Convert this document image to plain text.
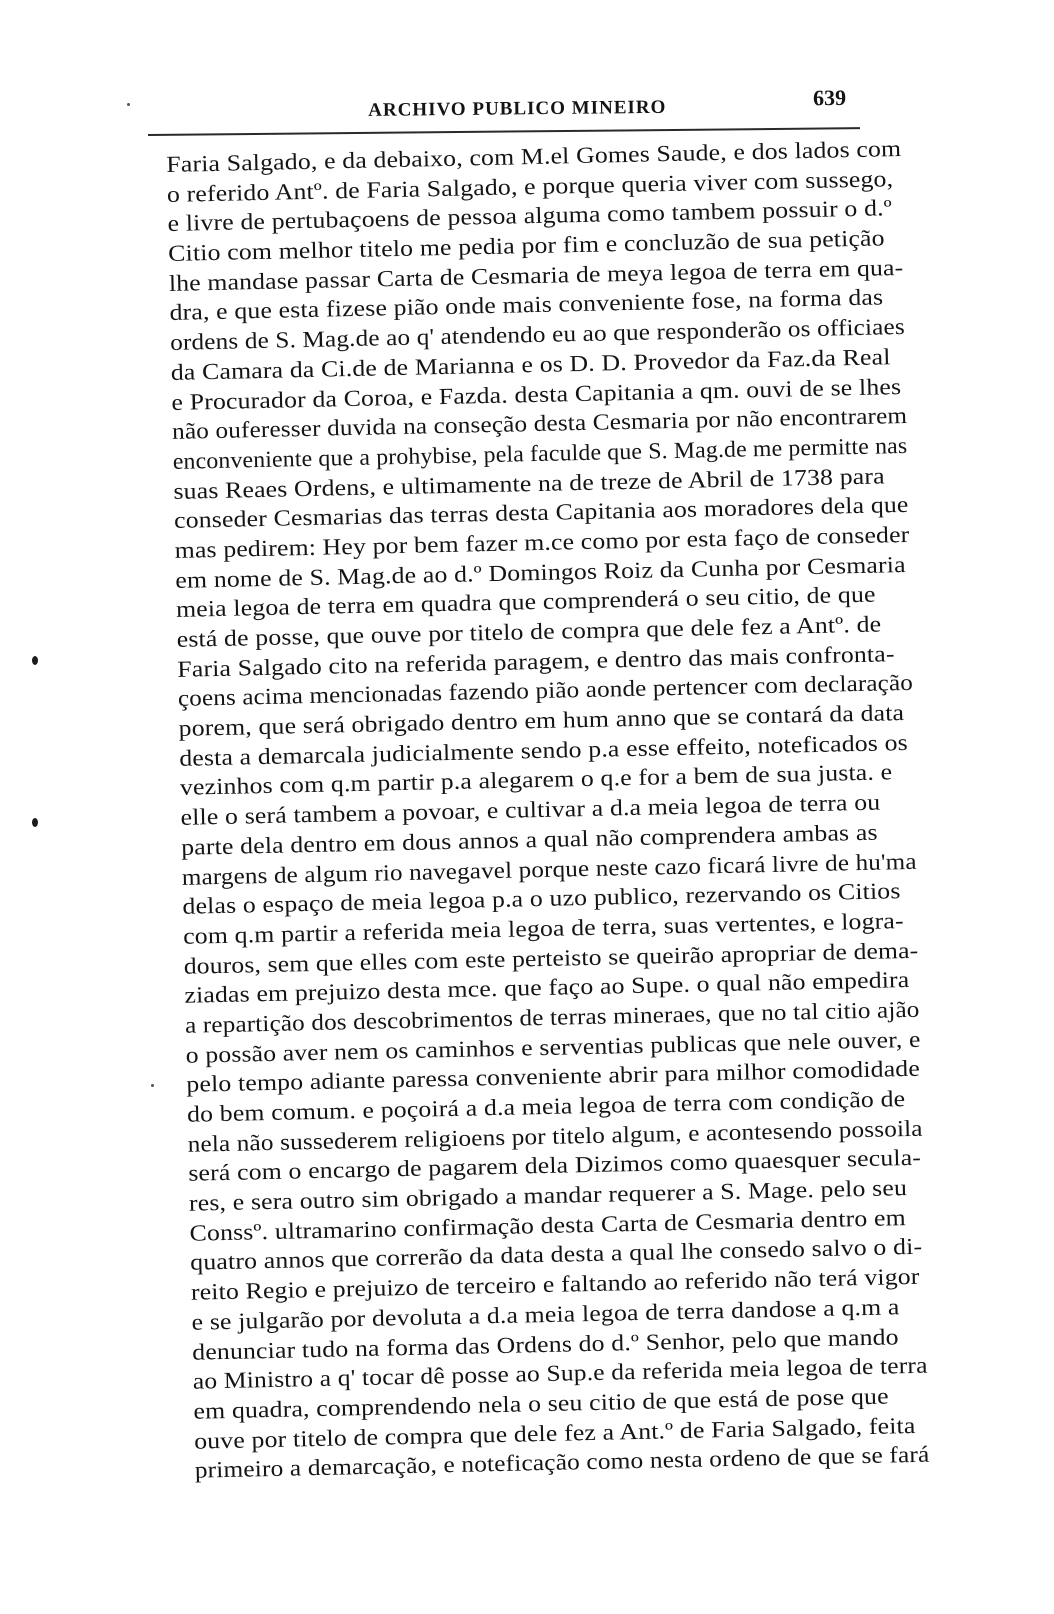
ARCHIVO PUBLICO MINEIRO	639
Faria Salgado, e da debaixo, com M.el Gomes Saude, e dos lados com
o referido Antº. de Faria Salgado, e porque queria viver com sussego,
e livre de pertubaçoens de pessoa alguma como tambem possuir o d.º
Citio com melhor titelo me pedia por fim e concluzão de sua petição
lhe mandase passar Carta de Cesmaria de meya legoa de terra em qua-
dra, e que esta fizese pião onde mais conveniente fose, na forma das
ordens de S. Mag.de ao q' atendendo eu ao que responderão os officiaes
da Camara da Ci.de de Marianna e os D. D. Provedor da Faz.da Real
e Procurador da Coroa, e Fazda. desta Capitania a qm. ouvi de se lhes
não ouferesser duvida na conseção desta Cesmaria por não encontrarem
enconveniente que a prohybise, pela faculde que S. Mag.de me permitte nas
suas Reaes Ordens, e ultimamente na de treze de Abril de 1738 para
conseder Cesmarias das terras desta Capitania aos moradores dela que
mas pedirem: Hey por bem fazer m.ce como por esta faço de conseder
em nome de S. Mag.de ao d.º Domingos Roiz da Cunha por Cesmaria
meia legoa de terra em quadra que comprenderá o seu citio, de que
está de posse, que ouve por titelo de compra que dele fez a Antº. de
Faria Salgado cito na referida paragem, e dentro das mais confronta-
çoens acima mencionadas fazendo pião aonde pertencer com declaração
porem, que será obrigado dentro em hum anno que se contará da data
desta a demarcala judicialmente sendo p.a esse effeito, noteficados os
vezinhos com q.m partir p.a alegarem o q.e for a bem de sua justa. e
elle o será tambem a povoar, e cultivar a d.a meia legoa de terra ou
parte dela dentro em dous annos a qual não comprendera ambas as
margens de algum rio navegavel porque neste cazo ficará livre de hu'ma
delas o espaço de meia legoa p.a o uzo publico, rezervando os Citios
com q.m partir a referida meia legoa de terra, suas vertentes, e logra-
douros, sem que elles com este perteisto se queirão apropriar de dema-
ziadas em prejuizo desta mce. que faço ao Supe. o qual não empedira
a repartição dos descobrimentos de terras mineraes, que no tal citio ajão
o possão aver nem os caminhos e serventias publicas que nele ouver, e
pelo tempo adiante paressa conveniente abrir para milhor comodidade
do bem comum. e poçoirá a d.a meia legoa de terra com condição de
nela não sussederem religioens por titelo algum, e acontesendo possoila
será com o encargo de pagarem dela Dizimos como quaesquer secula-
res, e sera outro sim obrigado a mandar requerer a S. Mage. pelo seu
Conssº. ultramarino confirmação desta Carta de Cesmaria dentro em
quatro annos que correrão da data desta a qual lhe consedo salvo o di-
reito Regio e prejuizo de terceiro e faltando ao referido não terá vigor
e se julgarão por devoluta a d.a meia legoa de terra dandose a q.m a
denunciar tudo na forma das Ordens do d.º Senhor, pelo que mando
ao Ministro a q' tocar dê posse ao Sup.e da referida meia legoa de terra
em quadra, comprendendo nela o seu citio de que está de pose que
ouve por titelo de compra que dele fez a Ant.º de Faria Salgado, feita
primeiro a demarcação, e noteficação como nesta ordeno de que se fará
